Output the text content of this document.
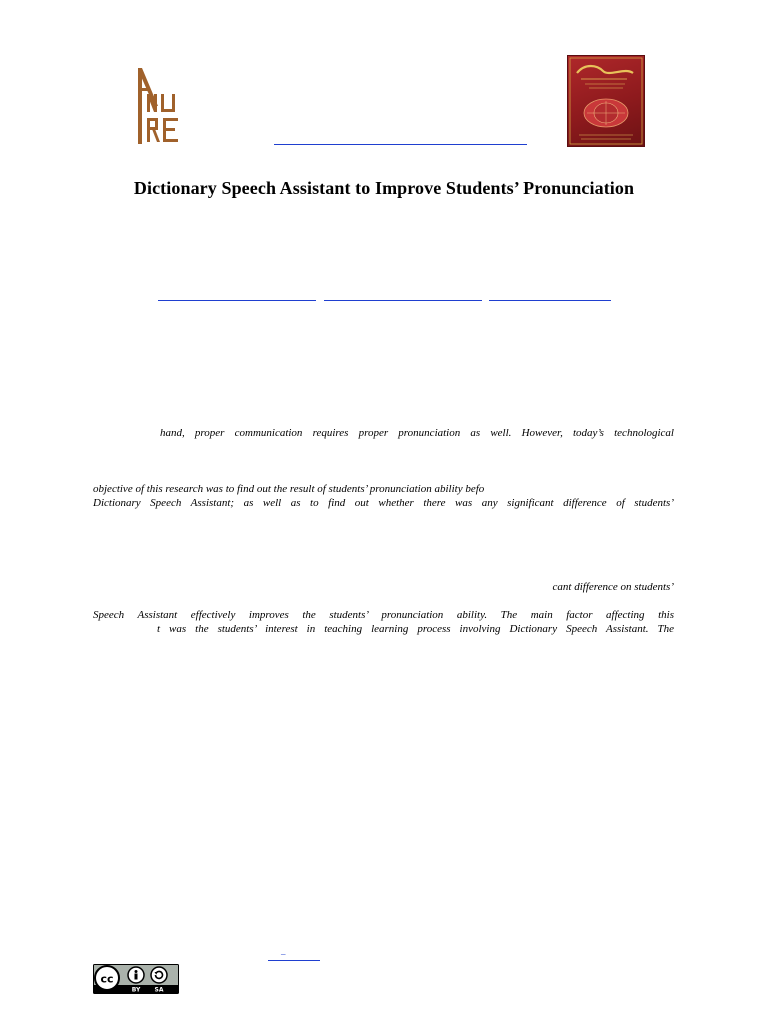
Dictionary Speech Assistant to Improve Students’ Pronunciation
hand, proper communication requires proper pronunciation as well. However, today’s technological
objective of this research was to find out the result of students’ pronunciation ability befo
Dictionary Speech Assistant; as well as to find out whether there was any significant difference of students’
cant difference on students’
Speech Assistant effectively improves the students’ pronunciation ability. The main factor affecting this
t was the students’ interest in teaching learning process involving Dictionary Speech Assistant. The
–
cc
BY SA
